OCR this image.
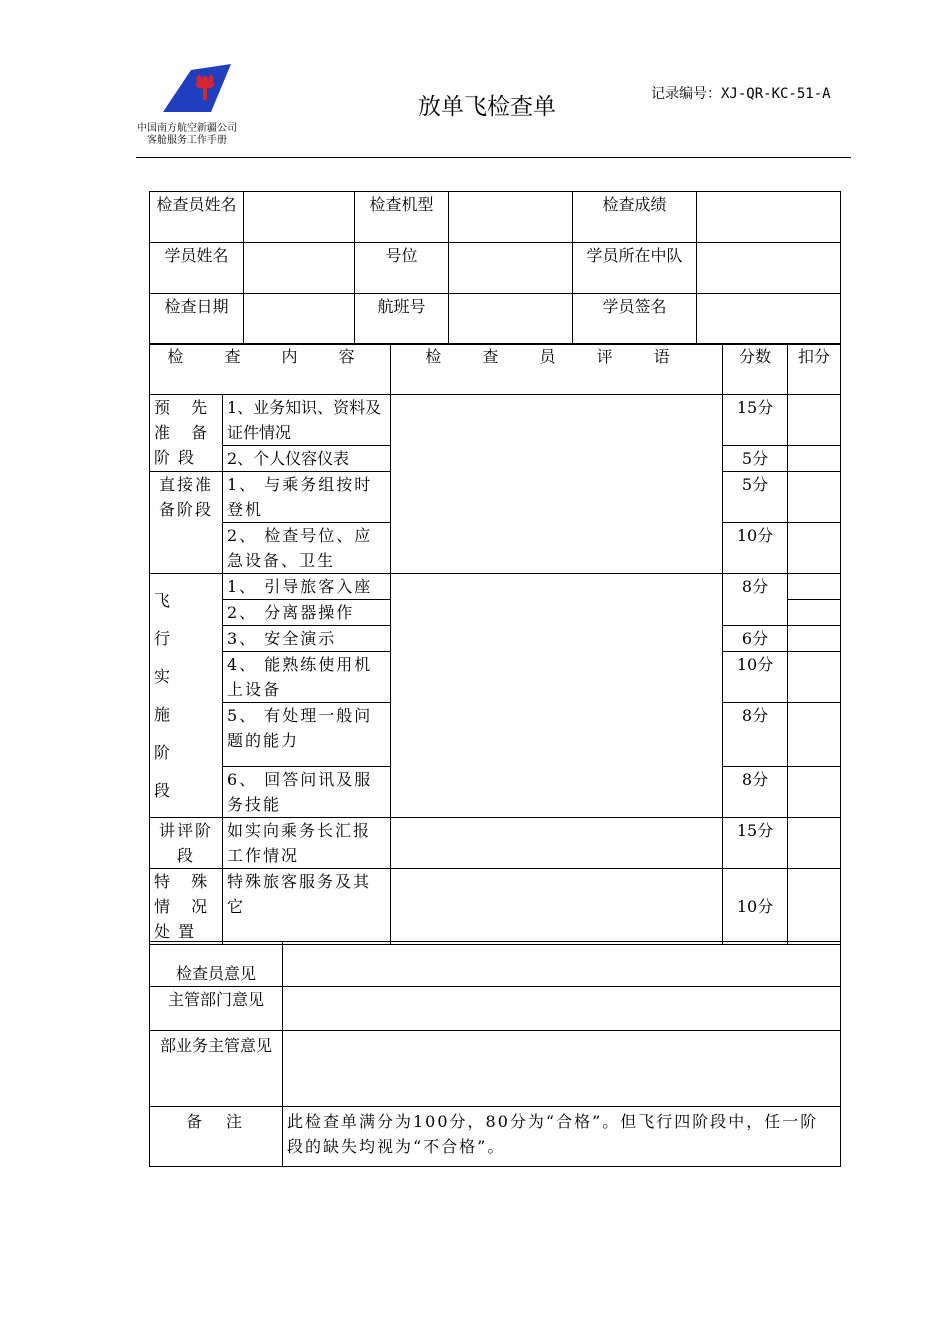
中国南方航空新疆公司
客舱服务工作手册
放单飞检查单	记录编号：XJ-QR-KC-51-A
检查员姓名		检查机型		检查成绩	
学员姓名		号位		学员所在中队	
检查日期		航班号		学员签名	
检 查 内 容		检 查 员 评 语	分数	扣分
预 先 准 备 阶段	1、业务知识、资料及证件情况		15分	
	2、个人仪容仪表		5分	
直接准备阶段	1、 与乘务组按时登机		5分	
	2、 检查号位、应急设备、卫生		10分	

飞 行 实 施 阶 段	1、 引导旅客入座		8分	
	2、 分离器操作			
	3、 安全演示		6分	
	4、 能熟练使用机上设备		10分	
	5、 有处理一般问题的能力		8分	
	6、 回答问讯及服务技能		8分	
讲评阶段	如实向乘务长汇报工作情况		15分	
特 殊 情 况 处置	特殊旅客服务及其它		10分	
检查员意见	
主管部门意见	
部业务主管意见	
备　注	此检查单满分为100分，80分为“合格”。但飞行四阶段中，任一阶段的缺失均视为“不合格”。
